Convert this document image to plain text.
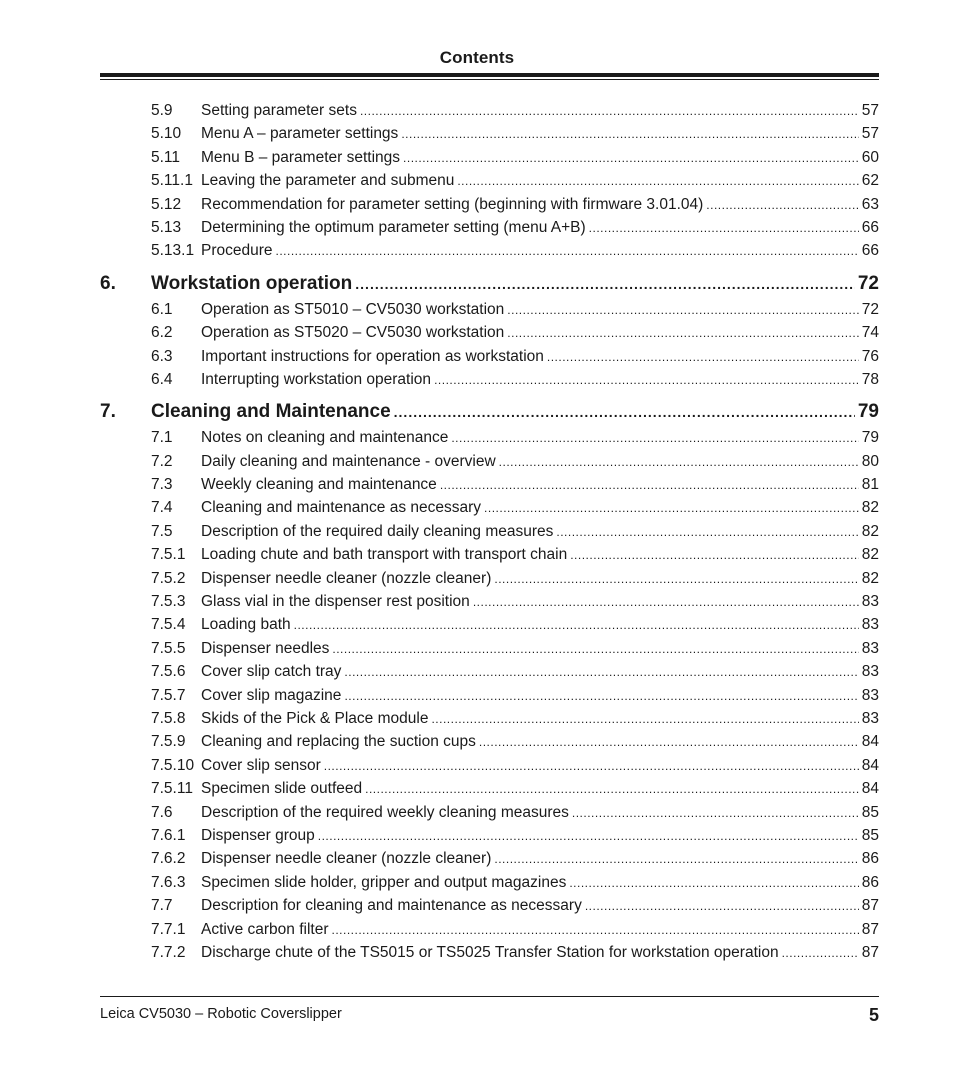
Contents
5.9 Setting parameter sets .....	57
5.10 Menu A – parameter settings .....	57
5.11 Menu B – parameter settings .....	60
5.11.1 Leaving the parameter and submenu .....	62
5.12 Recommendation for parameter setting (beginning with firmware 3.01.04) .....	63
5.13 Determining the optimum parameter setting (menu A+B) .....	66
5.13.1 Procedure .....	66
6. Workstation operation .....	72
6.1 Operation as ST5010 – CV5030 workstation .....	72
6.2 Operation as ST5020 – CV5030 workstation .....	74
6.3 Important instructions for operation as workstation .....	76
6.4 Interrupting workstation operation .....	78
7. Cleaning and Maintenance .....	79
7.1 Notes on cleaning and maintenance .....	79
7.2 Daily cleaning and maintenance - overview .....	80
7.3 Weekly cleaning and maintenance .....	81
7.4 Cleaning and maintenance as necessary .....	82
7.5 Description of the required daily cleaning measures .....	82
7.5.1 Loading chute and bath transport with transport chain .....	82
7.5.2 Dispenser needle cleaner (nozzle cleaner) .....	82
7.5.3 Glass vial in the dispenser rest position .....	83
7.5.4 Loading bath .....	83
7.5.5 Dispenser needles .....	83
7.5.6 Cover slip catch tray .....	83
7.5.7 Cover slip magazine .....	83
7.5.8 Skids of the Pick & Place module .....	83
7.5.9 Cleaning and replacing the suction cups .....	84
7.5.10 Cover slip sensor .....	84
7.5.11 Specimen slide outfeed .....	84
7.6 Description of the required weekly cleaning measures .....	85
7.6.1 Dispenser group .....	85
7.6.2 Dispenser needle cleaner (nozzle cleaner) .....	86
7.6.3 Specimen slide holder, gripper and output magazines .....	86
7.7 Description for cleaning and maintenance as necessary .....	87
7.7.1 Active carbon filter .....	87
7.7.2 Discharge chute of the TS5015 or TS5025 Transfer Station for workstation operation .....	87
Leica CV5030 – Robotic Coverslipper	5
